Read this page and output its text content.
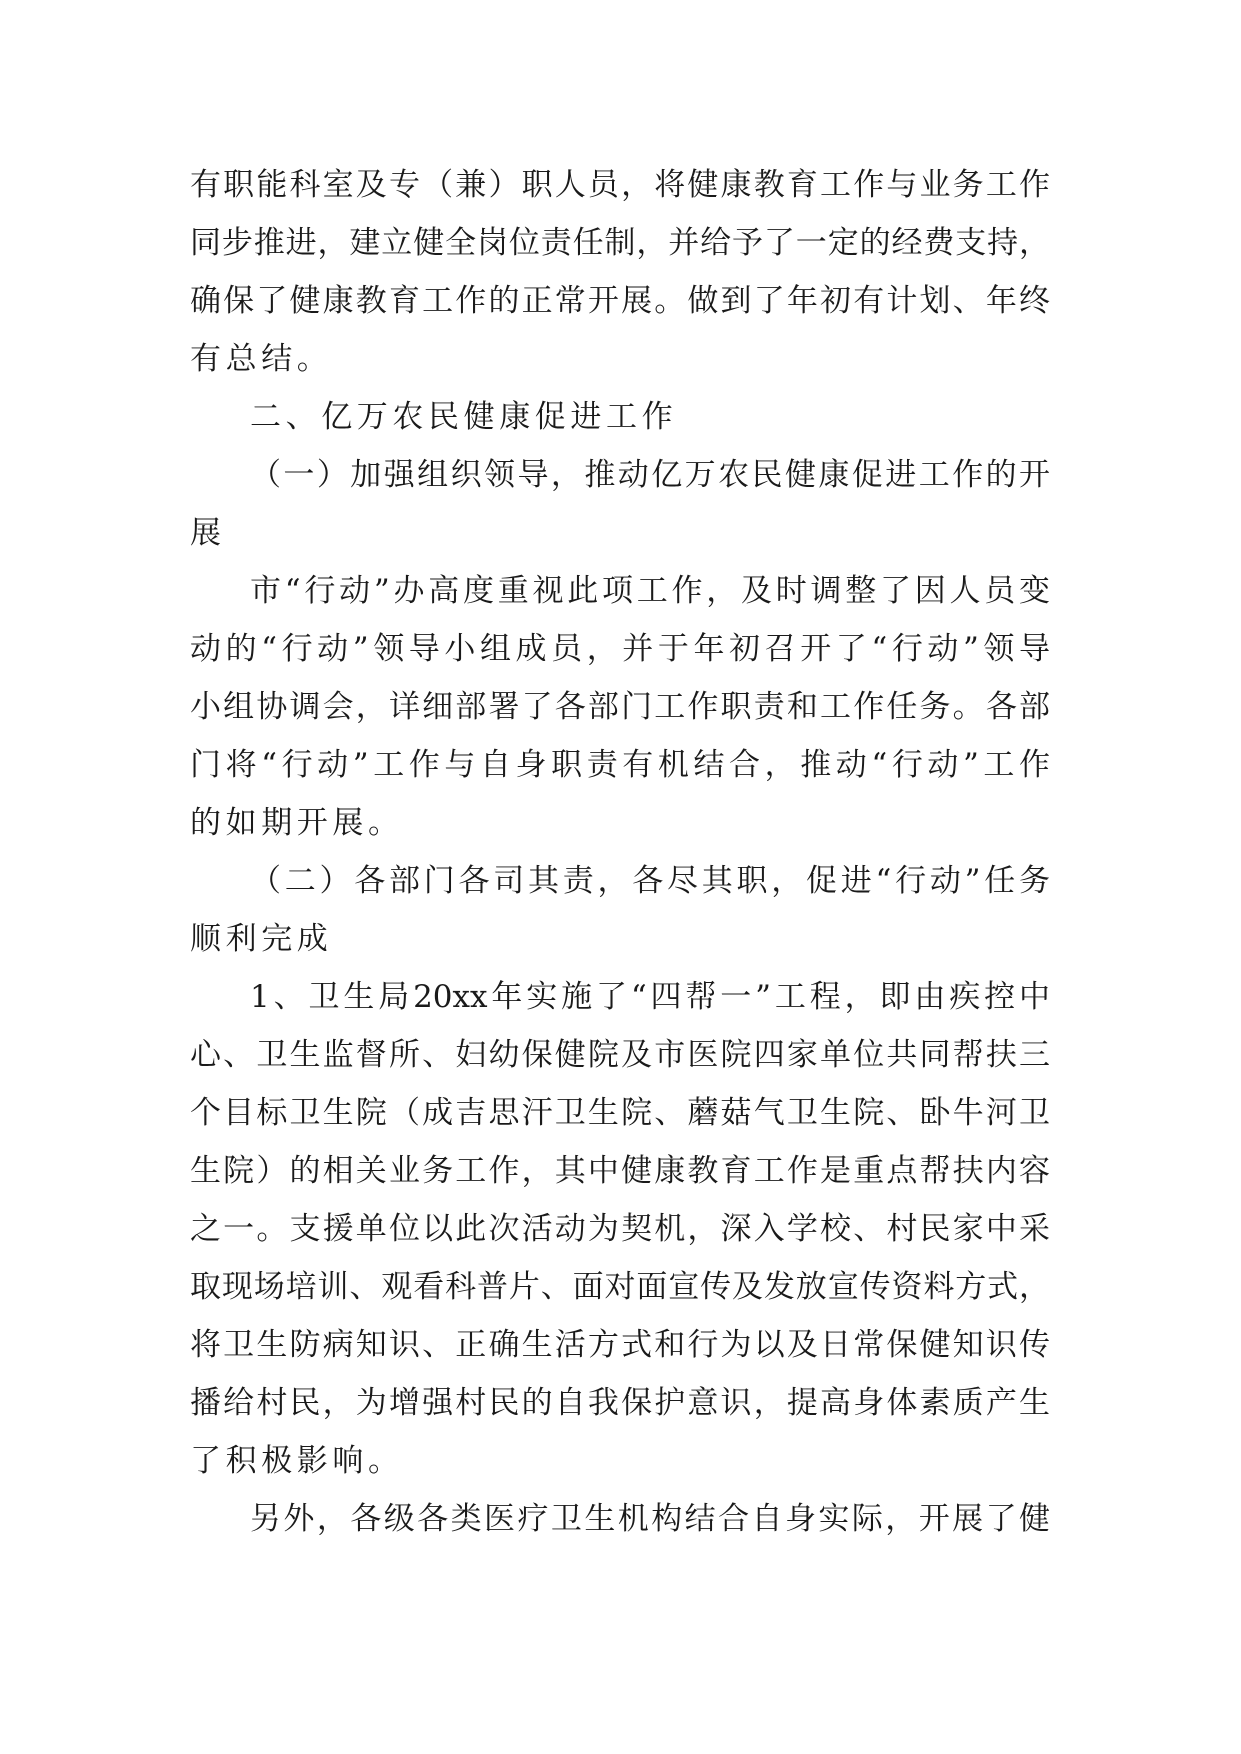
有职能科室及专（兼）职人员，将健康教育工作与业务工作
同步推进，建立健全岗位责任制，并给予了一定的经费支持，
确保了健康教育工作的正常开展。做到了年初有计划、年终
有总结。
二、亿万农民健康促进工作
（一）加强组织领导，推动亿万农民健康促进工作的开
展
市“行动”办高度重视此项工作，及时调整了因人员变
动的“行动”领导小组成员，并于年初召开了“行动”领导
小组协调会，详细部署了各部门工作职责和工作任务。各部
门将“行动”工作与自身职责有机结合，推动“行动”工作
的如期开展。
（二）各部门各司其责，各尽其职，促进“行动”任务
顺利完成
1、卫生局20xx年实施了“四帮一”工程，即由疾控中
心、卫生监督所、妇幼保健院及市医院四家单位共同帮扶三
个目标卫生院（成吉思汗卫生院、蘑菇气卫生院、卧牛河卫
生院）的相关业务工作，其中健康教育工作是重点帮扶内容
之一。支援单位以此次活动为契机，深入学校、村民家中采
取现场培训、观看科普片、面对面宣传及发放宣传资料方式，
将卫生防病知识、正确生活方式和行为以及日常保健知识传
播给村民，为增强村民的自我保护意识，提高身体素质产生
了积极影响。
另外，各级各类医疗卫生机构结合自身实际，开展了健
